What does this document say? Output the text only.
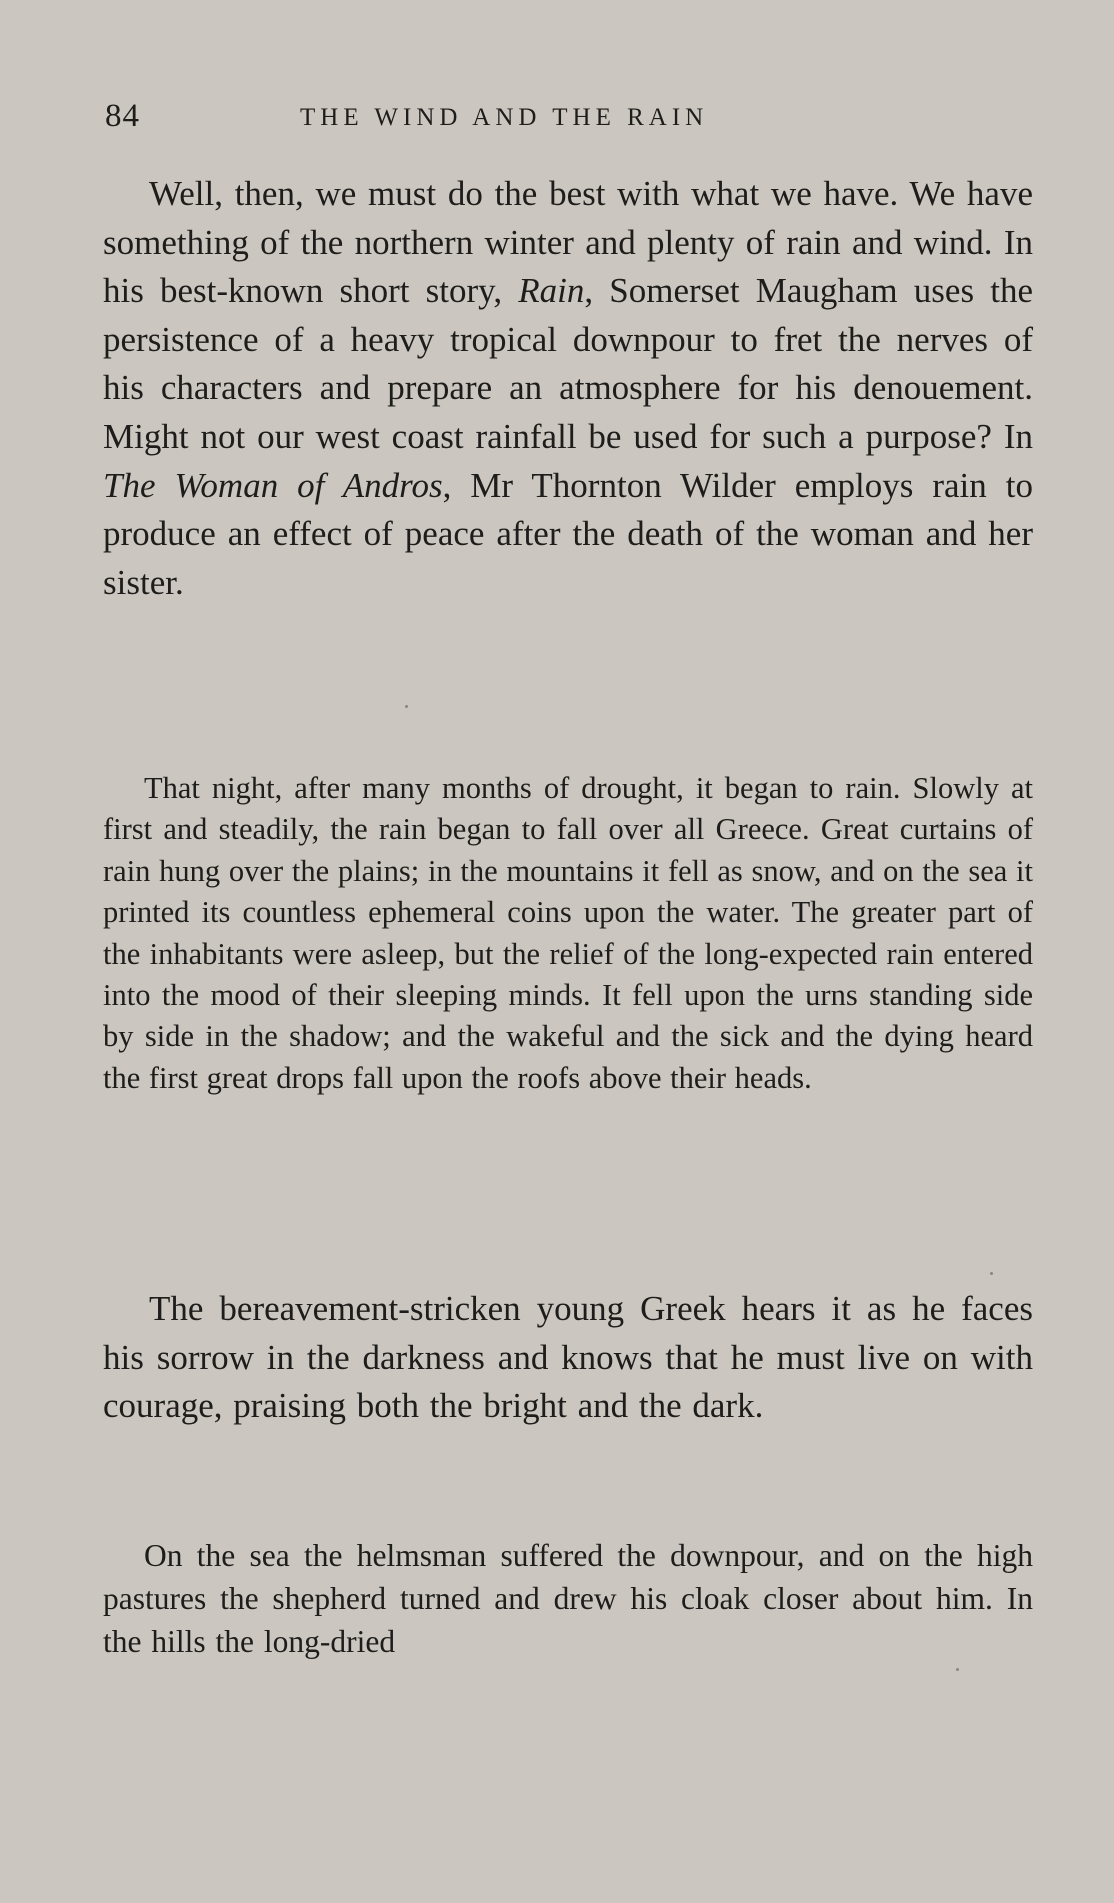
84	THE WIND AND THE RAIN

Well, then, we must do the best with what we have. We have something of the northern winter and plenty of rain and wind. In his best-known short story, Rain, Somerset Maugham uses the persistence of a heavy tropical downpour to fret the nerves of his characters and prepare an atmosphere for his denouement. Might not our west coast rainfall be used for such a purpose? In The Woman of Andros, Mr Thornton Wilder employs rain to produce an effect of peace after the death of the woman and her sister.

That night, after many months of drought, it began to rain. Slowly at first and steadily, the rain began to fall over all Greece. Great curtains of rain hung over the plains; in the mountains it fell as snow, and on the sea it printed its countless ephemeral coins upon the water. The greater part of the inhabitants were asleep, but the relief of the long-expected rain entered into the mood of their sleeping minds. It fell upon the urns standing side by side in the shadow; and the wakeful and the sick and the dying heard the first great drops fall upon the roofs above their heads.

The bereavement-stricken young Greek hears it as he faces his sorrow in the darkness and knows that he must live on with courage, praising both the bright and the dark.

On the sea the helmsman suffered the downpour, and on the high pastures the shepherd turned and drew his cloak closer about him. In the hills the long-dried
